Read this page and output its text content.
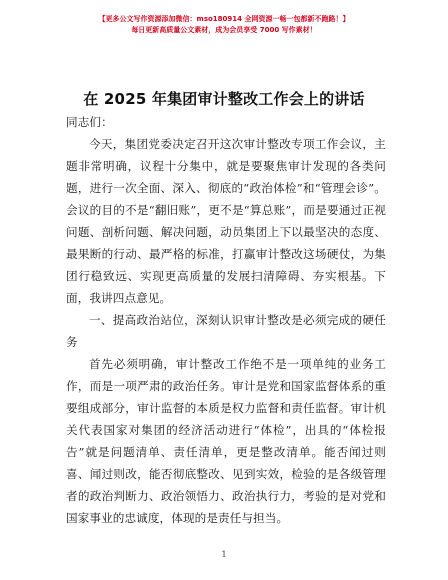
【更多公文写作资源添加微信：mso180914 全网资源一畅一包都新不跑路！】
每日更新高质量公文素材，成为会员享受 7000 写作素材！
在 2025 年集团审计整改工作会上的讲话
同志们：
今天，集团党委决定召开这次审计整改专项工作会议，主题非常明确，议程十分集中，就是要聚焦审计发现的各类问题，进行一次全面、深入、彻底的“政治体检”和“管理会诊”。会议的目的不是“翻旧账”，更不是“算总账”，而是要通过正视问题、剖析问题、解决问题，动员集团上下以最坚决的态度、最果断的行动、最严格的标准，打赢审计整改这场硬仗，为集团行稳致远、实现更高质量的发展扫清障碍、夯实根基。下面，我讲四点意见。
一、提高政治站位，深刻认识审计整改是必须完成的硬任务
首先必须明确，审计整改工作绝不是一项单纯的业务工作，而是一项严肃的政治任务。审计是党和国家监督体系的重要组成部分，审计监督的本质是权力监督和责任监督。审计机关代表国家对集团的经济活动进行“体检”，出具的“体检报告”就是问题清单、责任清单，更是整改清单。能否闻过则喜、闻过则改，能否彻底整改、见到实效，检验的是各级管理者的政治判断力、政治领悟力、政治执行力，考验的是对党和国家事业的忠诚度，体现的是责任与担当。
1
